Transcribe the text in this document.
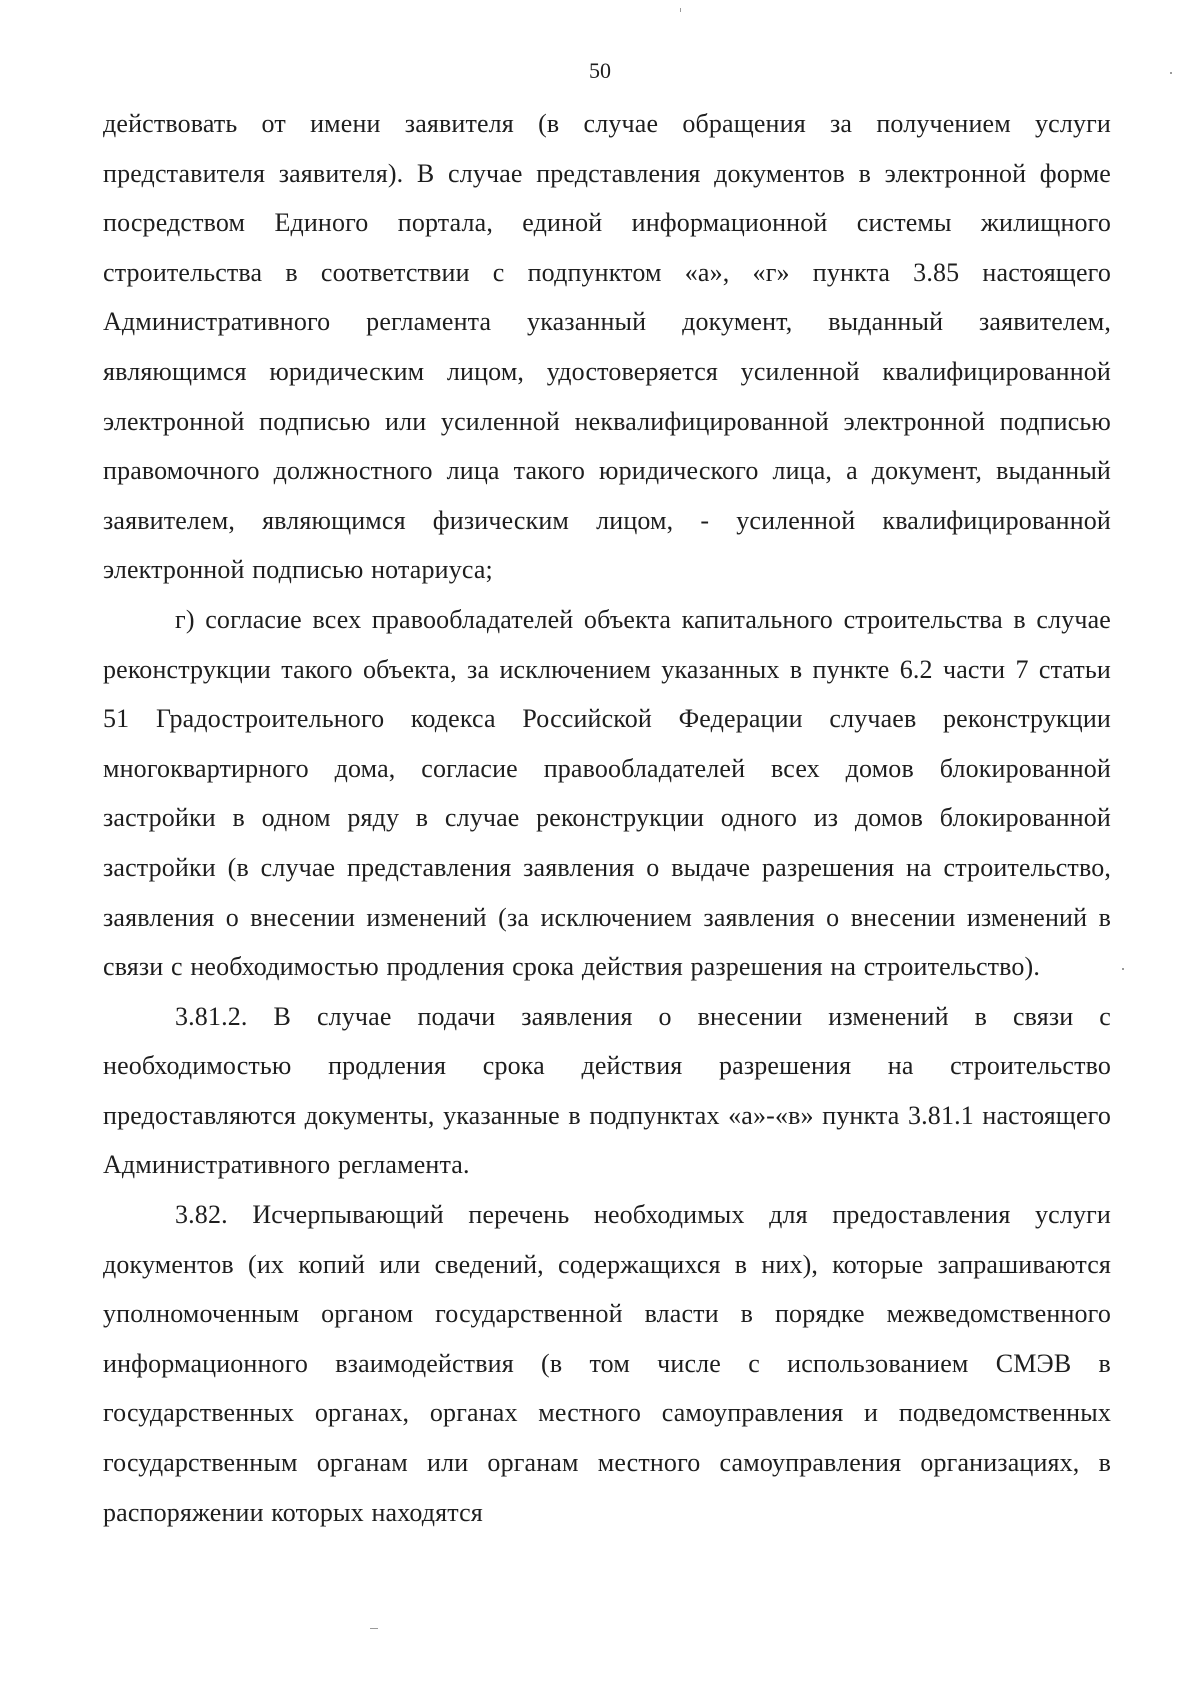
50

действовать от имени заявителя (в случае обращения за получением услуги представителя заявителя). В случае представления документов в электронной форме посредством Единого портала, единой информационной системы жилищного строительства в соответствии с подпунктом «а», «г» пункта 3.85 настоящего Административного регламента указанный документ, выданный заявителем, являющимся юридическим лицом, удостоверяется усиленной квалифицированной электронной подписью или усиленной неквалифицированной электронной подписью правомочного должностного лица такого юридического лица, а документ, выданный заявителем, являющимся физическим лицом, - усиленной квалифицированной электронной подписью нотариуса;

г) согласие всех правообладателей объекта капитального строительства в случае реконструкции такого объекта, за исключением указанных в пункте 6.2 части 7 статьи 51 Градостроительного кодекса Российской Федерации случаев реконструкции многоквартирного дома, согласие правообладателей всех домов блокированной застройки в одном ряду в случае реконструкции одного из домов блокированной застройки (в случае представления заявления о выдаче разрешения на строительство, заявления о внесении изменений (за исключением заявления о внесении изменений в связи с необходимостью продления срока действия разрешения на строительство).

3.81.2. В случае подачи заявления о внесении изменений в связи с необходимостью продления срока действия разрешения на строительство предоставляются документы, указанные в подпунктах «а»-«в» пункта 3.81.1 настоящего Административного регламента.

3.82. Исчерпывающий перечень необходимых для предоставления услуги документов (их копий или сведений, содержащихся в них), которые запрашиваются уполномоченным органом государственной власти в порядке межведомственного информационного взаимодействия (в том числе с использованием СМЭВ в государственных органах, органах местного самоуправления и подведомственных государственным органам или органам местного самоуправления организациях, в распоряжении которых находятся
